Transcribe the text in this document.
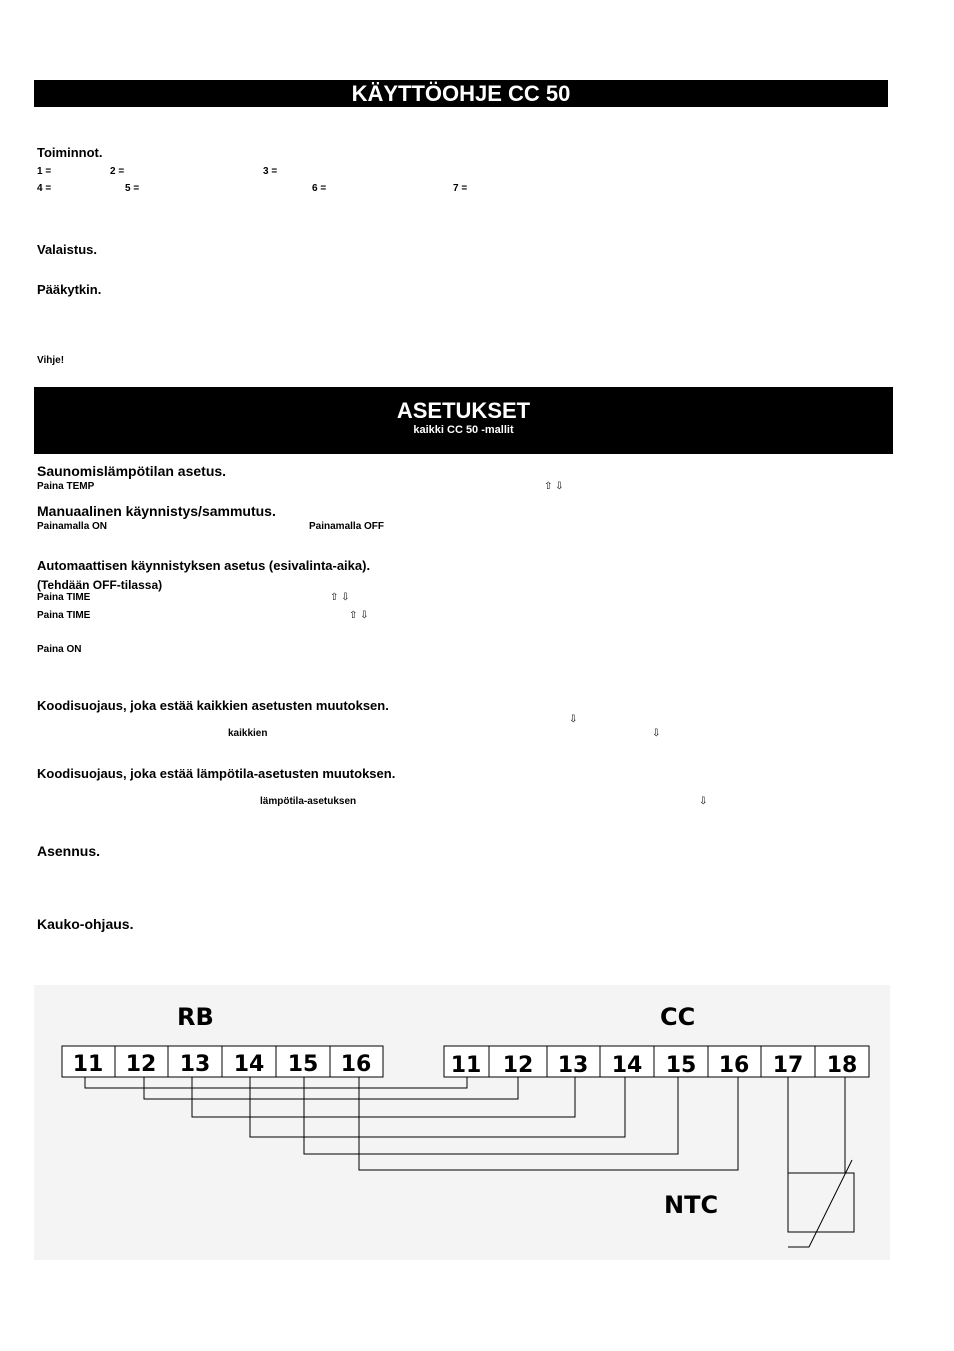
KÄYTTÖOHJE CC 50
Toiminnot.
1 =	2 =	3 =
4 =	5 =	6 =	7 =
Valaistus.
Pääkytkin.
Vihje!
ASETUKSET
kaikki CC 50 -mallit
Saunomislämpötilan asetus.
Paina TEMP	⇧ ⇩
Manuaalinen käynnistys/sammutus.
Painamalla ON	Painamalla OFF
Automaattisen käynnistyksen asetus (esivalinta-aika).
(Tehdään OFF-tilassa)
Paina TIME	⇧ ⇩
Paina TIME	⇧ ⇩
Paina ON
Koodisuojaus, joka estää kaikkien asetusten muutoksen.
⇩
kaikkien	⇩
Koodisuojaus, joka estää lämpötila-asetusten muutoksen.
lämpötila-asetuksen	⇩
Asennus.
Kauko-ohjaus.
RB	CC
NTC
11 12 13 14 15 16	11 12 13 14 15 16 17 18
